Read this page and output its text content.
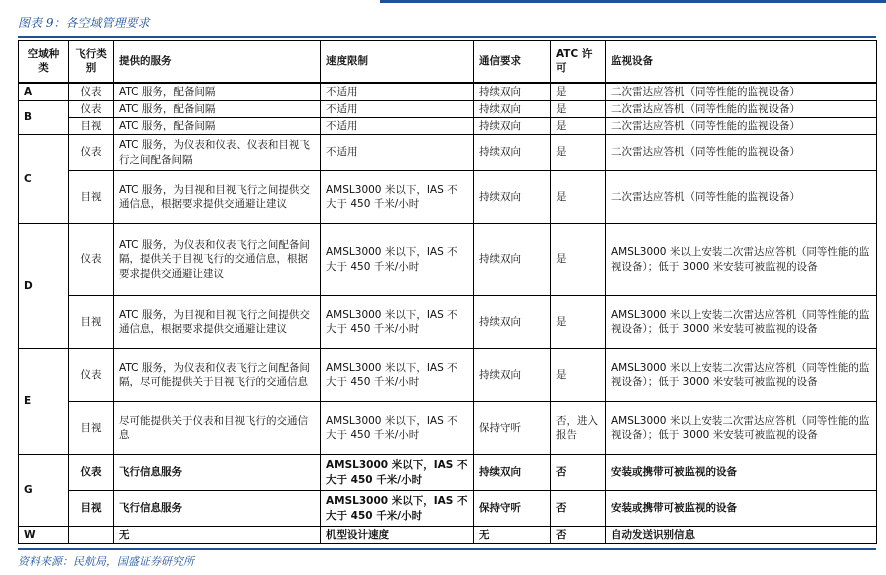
图表 9：各空域管理要求
空域种类	飞行类别	提供的服务	速度限制	通信要求	ATC 许可	监视设备
A	仪表	ATC 服务，配备间隔	不适用	持续双向	是	二次雷达应答机（同等性能的监视设备）
B	仪表	ATC 服务，配备间隔	不适用	持续双向	是	二次雷达应答机（同等性能的监视设备）
	目视	ATC 服务，配备间隔	不适用	持续双向	是	二次雷达应答机（同等性能的监视设备）
C	仪表	ATC 服务，为仪表和仪表、仪表和目视飞行之间配备间隔	不适用	持续双向	是	二次雷达应答机（同等性能的监视设备）
	目视	ATC 服务，为目视和目视飞行之间提供交通信息，根据要求提供交通避让建议	AMSL3000 米以下，IAS 不大于 450 千米/小时	持续双向	是	二次雷达应答机（同等性能的监视设备）
D	仪表	ATC 服务，为仪表和仪表飞行之间配备间隔，提供关于目视飞行的交通信息，根据要求提供交通避让建议	AMSL3000 米以下，IAS 不大于 450 千米/小时	持续双向	是	AMSL3000 米以上安装二次雷达应答机（同等性能的监视设备）；低于 3000 米安装可被监视的设备
	目视	ATC 服务，为目视和目视飞行之间提供交通信息，根据要求提供交通避让建议	AMSL3000 米以下，IAS 不大于 450 千米/小时	持续双向	是	AMSL3000 米以上安装二次雷达应答机（同等性能的监视设备）；低于 3000 米安装可被监视的设备
E	仪表	ATC 服务，为仪表和仪表飞行之间配备间隔，尽可能提供关于目视飞行的交通信息	AMSL3000 米以下，IAS 不大于 450 千米/小时	持续双向	是	AMSL3000 米以上安装二次雷达应答机（同等性能的监视设备）；低于 3000 米安装可被监视的设备
	目视	尽可能提供关于仪表和目视飞行的交通信息	AMSL3000 米以下，IAS 不大于 450 千米/小时	保持守听	否，进入报告	AMSL3000 米以上安装二次雷达应答机（同等性能的监视设备）；低于 3000 米安装可被监视的设备
G	仪表	飞行信息服务	AMSL3000 米以下，IAS 不大于 450 千米/小时	持续双向	否	安装或携带可被监视的设备
	目视	飞行信息服务	AMSL3000 米以下，IAS 不大于 450 千米/小时	保持守听	否	安装或携带可被监视的设备
W		无	机型设计速度	无	否	自动发送识别信息
资料来源：民航局，国盛证券研究所
